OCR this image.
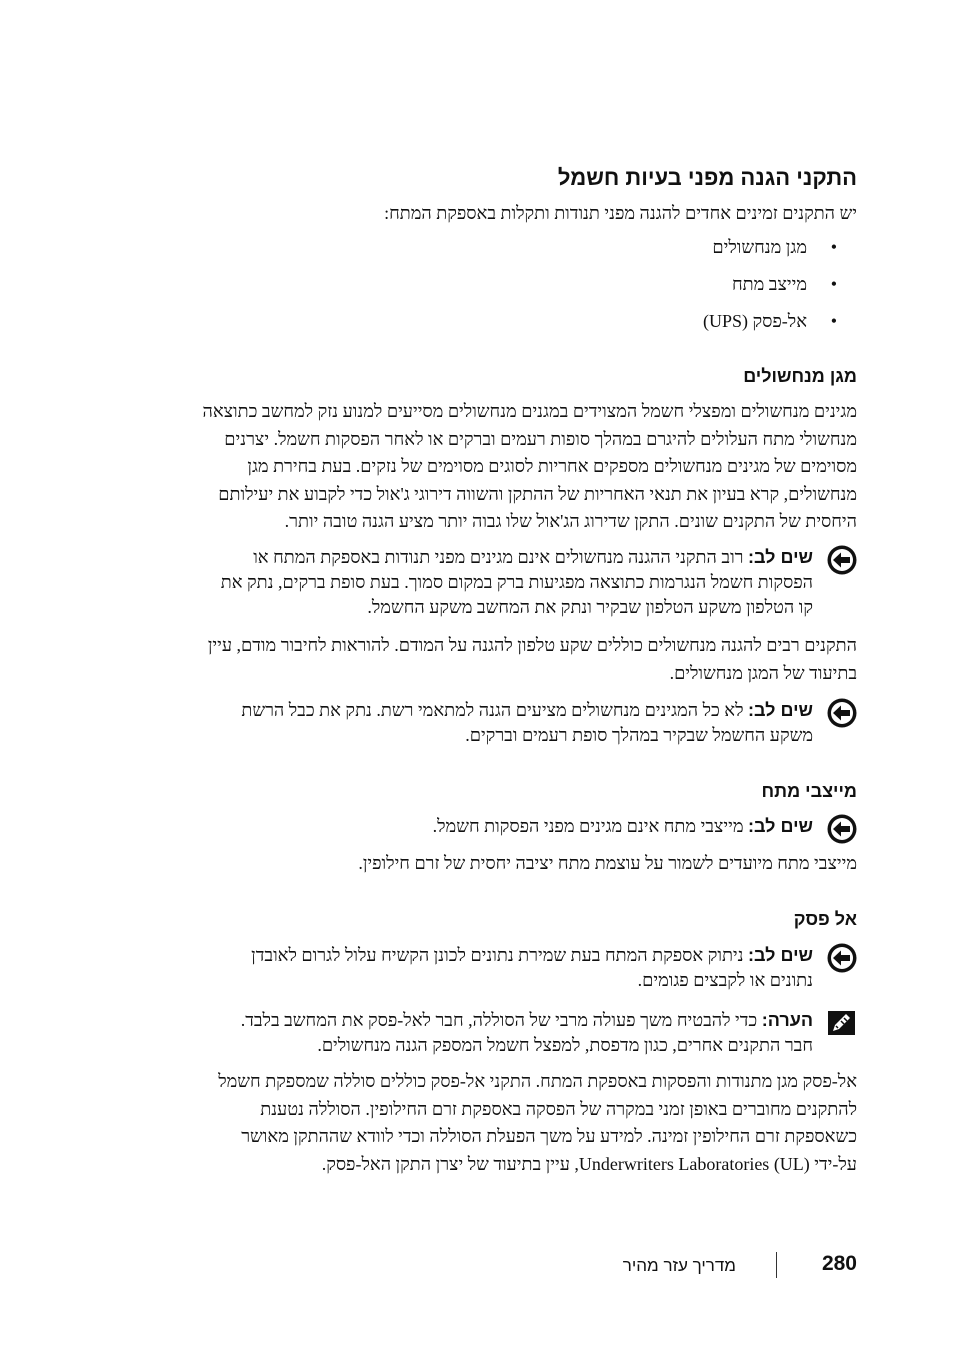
התקני הגנה מפני בעיות חשמל

יש התקנים זמינים אחדים להגנה מפני תנודות ותקלות באספקת המתח:

•
מגן מנחשולים
•
מייצב מתח
•
אל-פסק (UPS)
מגן מנחשולים

מגינים מנחשולים ומפצלי חשמל המצוידים במגנים מנחשולים מסייעים למנוע נזק למחשב כתוצאה
מנחשולי מתח העלולים להיגרם במהלך סופות רעמים וברקים או לאחר הפסקות חשמל. יצרנים
מסוימים של מגינים מנחשולים מספקים אחריות לסוגים מסוימים של נזקים. בעת בחירת מגן
מנחשולים, קרא בעיון את תנאי האחריות של ההתקן והשווה דירוגי ג'אול כדי לקבוע את יעילותם
היחסית של התקנים שונים. התקן שדירוג הג'אול שלו גבוה יותר מציע הגנה טובה יותר.

שים לב: רוב התקני ההגנה מנחשולים אינם מגינים מפני תנודות באספקת המתח או
הפסקות חשמל הנגרמות כתוצאה מפגיעות ברק במקום סמוך. בעת סופת ברקים, נתק את
קו הטלפון משקע הטלפון שבקיר ונתק את המחשב משקע החשמל.

התקנים רבים להגנה מנחשולים כוללים שקע טלפון להגנה על המודם. להוראות לחיבור מודם, עיין
בתיעוד של המגן מנחשולים.

שים לב: לא כל המגינים מנחשולים מציעים הגנה למתאמי רשת. נתק את כבל הרשת
משקע החשמל שבקיר במהלך סופת רעמים וברקים.
מייצבי מתח
שים לב: מייצבי מתח אינם מגינים מפני הפסקות חשמל.

מייצבי מתח מיועדים לשמור על עוצמת מתח יציבה יחסית של זרם חילופין.

אל פסק
שים לב: ניתוק אספקת המתח בעת שמירת נתונים לכונן הקשיח עלול לגרום לאובדן
נתונים או לקבצים פגומים.
הערה: כדי להבטיח משך פעולה מרבי של הסוללה, חבר לאל-פסק את המחשב בלבד.
חבר התקנים אחרים, כגון מדפסת, למפצל חשמל המספק הגנה מנחשולים.

אל-פסק מגן מתנודות והפסקות באספקת המתח. התקני אל-פסק כוללים סוללה שמספקת חשמל
להתקנים מחוברים באופן זמני במקרה של הפסקה באספקת זרם החילופין. הסוללה נטענת
כשאספקת זרם החילופין זמינה. למידע על משך הפעלת הסוללה וכדי לוודא שההתקן מאושר
על-ידי Underwriters Laboratories (UL), עיין בתיעוד של יצרן התקן האל-פסק.

280
מדריך עזר מהיר
